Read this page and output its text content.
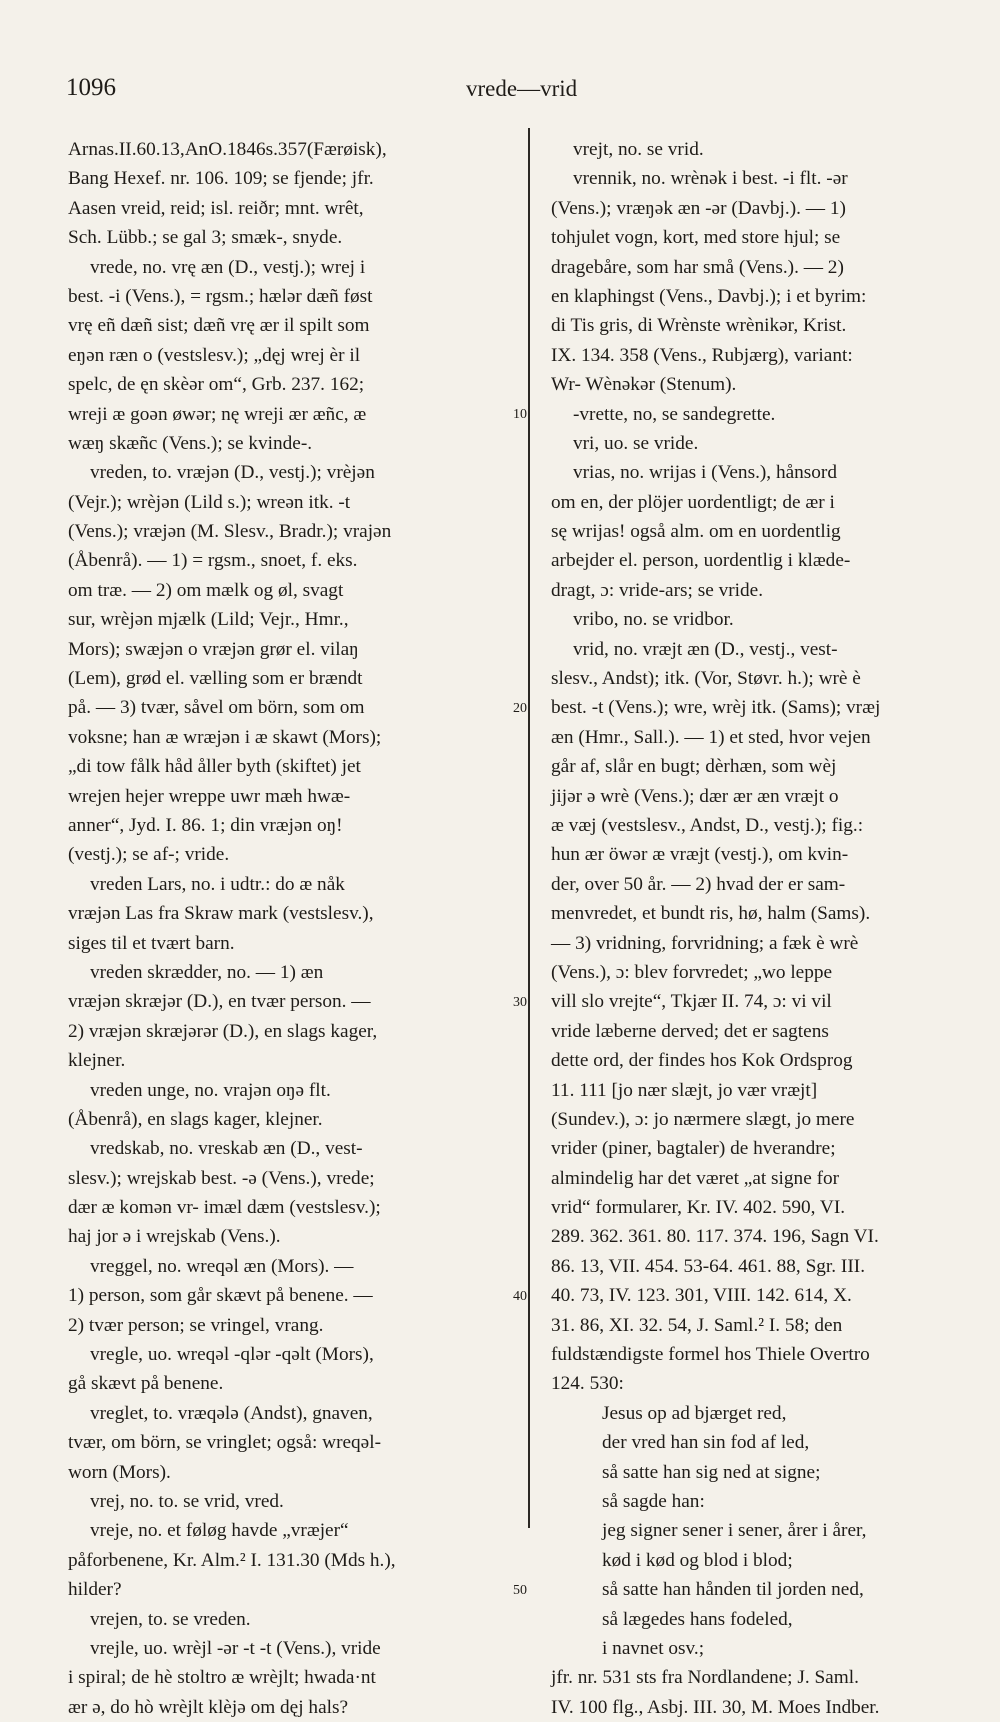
1096	vrede—vrid
Arnas.II.60.13,AnO.1846s.357(Færøisk),
Bang Hexef. nr. 106. 109; se fjende; jfr.
Aasen vreid, reid; isl. reiðr; mnt. wrêt,
Sch. Lübb.; se gal 3; smæk-, snyde.
vrede, no. vrę æn (D., vestj.); wrej i
best. -i (Vens.), = rgsm.; hælər dæñ føst
vrę eñ dæñ sist; dæñ vrę ær il spilt som
eŋən ræn o (vestslesv.); „dęj wrej èr il
spelc, de ęn skèər om“, Grb. 237. 162;
wreji æ goən øwər; nę wreji ær æñc, æ
wæŋ skæñc (Vens.); se kvinde-.
vreden, to. vræjən (D., vestj.); vrèjən
(Vejr.); wrèjən (Lild s.); wreən itk. -t
(Vens.); vræjən (M. Slesv., Bradr.); vrajən
(Åbenrå). — 1) = rgsm., snoet, f. eks.
om træ. — 2) om mælk og øl, svagt
sur, wrèjən mjælk (Lild; Vejr., Hmr.,
Mors); swæjən o vræjən grør el. vilaŋ
(Lem), grød el. vælling som er brændt
på. — 3) tvær, såvel om börn, som om
voksne; han æ wræjən i æ skawt (Mors);
„di tow fålk håd åller byth (skiftet) jet
wrejen hejer wreppe uwr mæh hwæ-
anner“, Jyd. I. 86. 1; din vræjən oŋ!
(vestj.); se af-; vride.
vreden Lars, no. i udtr.: do æ nåk
vræjən Las fra Skraw mark (vestslesv.),
siges til et tvært barn.
vreden skrædder, no. — 1) æn
vræjən skræjər (D.), en tvær person. —
2) vræjən skræjərər (D.), en slags kager,
klejner.
vreden unge, no. vrajən oŋə flt.
(Åbenrå), en slags kager, klejner.
vredskab, no. vreskab æn (D., vest-
slesv.); wrejskab best. -ə (Vens.), vrede;
dær æ komən vr- imæl dæm (vestslesv.);
haj jor ə i wrejskab (Vens.).
vreggel, no. wreqəl æn (Mors). —
1) person, som går skævt på benene. —
2) tvær person; se vringel, vrang.
vregle, uo. wreqəl -qlər -qəlt (Mors),
gå skævt på benene.
vreglet, to. vræqələ (Andst), gnaven,
tvær, om börn, se vringlet; også: wreqəl-
worn (Mors).
vrej, no. to. se vrid, vred.
vreje, no. et føløg havde „vræjer“
påforbenene, Kr. Alm.² I. 131.30 (Mds h.),
hilder?
vrejen, to. se vreden.
vrejle, uo. wrèjl -ər -t -t (Vens.), vride
i spiral; de hè stoltro æ wrèjlt; hwada·nt
ær ə, do hò wrèjlt klèjə om dęj hals?
10
20
30
40
50
vrejt, no. se vrid.
vrennik, no. wrènək i best. -i flt. -ər
(Vens.); vræŋək æn -ər (Davbj.). — 1)
tohjulet vogn, kort, med store hjul; se
dragebåre, som har små (Vens.). — 2)
en klaphingst (Vens., Davbj.); i et byrim:
di Tis gris, di Wrènste wrènikər, Krist.
IX. 134. 358 (Vens., Rubjærg), variant:
Wr- Wènəkər (Stenum).
-vrette, no, se sandegrette.
vri, uo. se vride.
vrias, no. wrijas i (Vens.), hånsord
om en, der plöjer uordentligt; de ær i
sę wrijas! også alm. om en uordentlig
arbejder el. person, uordentlig i klæde-
dragt, ɔ: vride-ars; se vride.
vribo, no. se vridbor.
vrid, no. vræjt æn (D., vestj., vest-
slesv., Andst); itk. (Vor, Støvr. h.); wrè è
best. -t (Vens.); wre, wrèj itk. (Sams); vræj
æn (Hmr., Sall.). — 1) et sted, hvor vejen
går af, slår en bugt; dèrhæn, som wèj
jijər ə wrè (Vens.); dær ær æn vræjt o
æ væj (vestslesv., Andst, D., vestj.); fig.:
hun ær öwər æ vræjt (vestj.), om kvin-
der, over 50 år. — 2) hvad der er sam-
menvredet, et bundt ris, hø, halm (Sams).
— 3) vridning, forvridning; a fæk è wrè
(Vens.), ɔ: blev forvredet; „wo leppe
vill slo vrejte“, Tkjær II. 74, ɔ: vi vil
vride læberne derved; det er sagtens
dette ord, der findes hos Kok Ordsprog
11. 111 [jo nær slæjt, jo vær vræjt]
(Sundev.), ɔ: jo nærmere slægt, jo mere
vrider (piner, bagtaler) de hverandre;
almindelig har det været „at signe for
vrid“ formularer, Kr. IV. 402. 590, VI.
289. 362. 361. 80. 117. 374. 196, Sagn VI.
86. 13, VII. 454. 53-64. 461. 88, Sgr. III.
40. 73, IV. 123. 301, VIII. 142. 614, X.
31. 86, XI. 32. 54, J. Saml.² I. 58; den
fuldstændigste formel hos Thiele Overtro
124. 530:
Jesus op ad bjærget red,
der vred han sin fod af led,
så satte han sig ned at signe;
så sagde han:
jeg signer sener i sener, årer i årer,
kød i kød og blod i blod;
så satte han hånden til jorden ned,
så lægedes hans fodeled,
i navnet osv.;
jfr. nr. 531 sts fra Nordlandene; J. Saml.
IV. 100 flg., Asbj. III. 30, M. Moes Indber.
